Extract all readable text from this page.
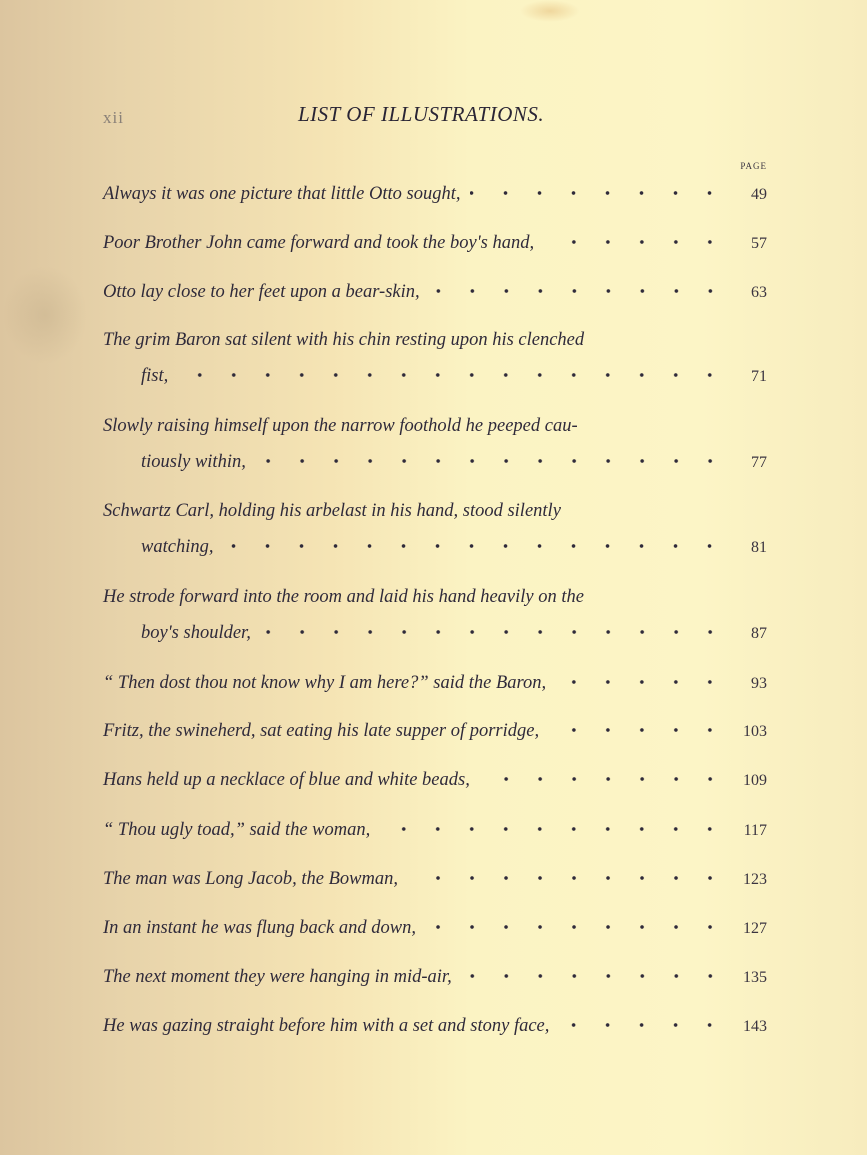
xii	LIST OF ILLUSTRATIONS.
PAGE
Always it was one picture that little Otto sought,	49
Poor Brother John came forward and took the boy's hand,	57
Otto lay close to her feet upon a bear-skin,	63
The grim Baron sat silent with his chin resting upon his clenched
fist,	71
Slowly raising himself upon the narrow foothold he peeped cau-
tiously within,	77
Schwartz Carl, holding his arbelast in his hand, stood silently
watching,	81
He strode forward into the room and laid his hand heavily on the
boy's shoulder,	87
“ Then dost thou not know why I am here?” said the Baron,	93
Fritz, the swineherd, sat eating his late supper of porridge,	103
Hans held up a necklace of blue and white beads,	109
“ Thou ugly toad,” said the woman,	117
The man was Long Jacob, the Bowman,	123
In an instant he was flung back and down,	127
The next moment they were hanging in mid-air,	135
He was gazing straight before him with a set and stony face,	143
